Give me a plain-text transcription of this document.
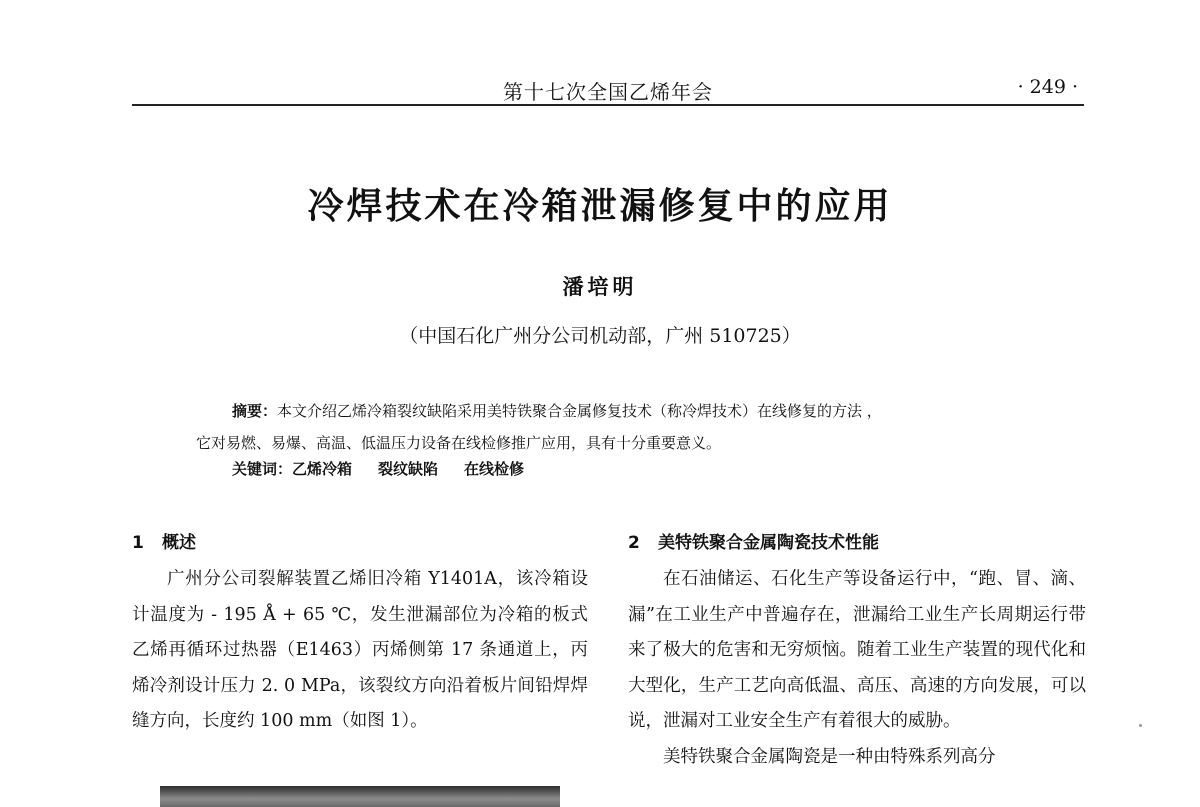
第十七次全国乙烯年会	· 249 ·
冷焊技术在冷箱泄漏修复中的应用
潘培明
（中国石化广州分公司机动部，广州 510725）
摘要：本文介绍乙烯冷箱裂纹缺陷采用美特铁聚合金属修复技术（称冷焊技术）在线修复的方法 ，
它对易燃、易爆、高温、低温压力设备在线检修推广应用，具有十分重要意义。
关键词：乙烯冷箱 裂纹缺陷 在线检修
1 概述
广州分公司裂解装置乙烯旧冷箱 Y1401A，该冷箱设计温度为 - 195 Å + 65 ℃，发生泄漏部位为冷箱的板式乙烯再循环过热器（E1463）丙烯侧第 17 条通道上，丙烯冷剂设计压力 2. 0 MPa，该裂纹方向沿着板片间铅焊焊缝方向，长度约 100 mm（如图 1）。
2 美特铁聚合金属陶瓷技术性能
在石油储运、石化生产等设备运行中，“跑、冒、滴、漏”在工业生产中普遍存在，泄漏给工业生产长周期运行带来了极大的危害和无穷烦恼。随着工业生产装置的现代化和大型化，生产工艺向高低温、高压、高速的方向发展，可以说，泄漏对工业安全生产有着很大的威胁。
美特铁聚合金属陶瓷是一种由特殊系列高分
